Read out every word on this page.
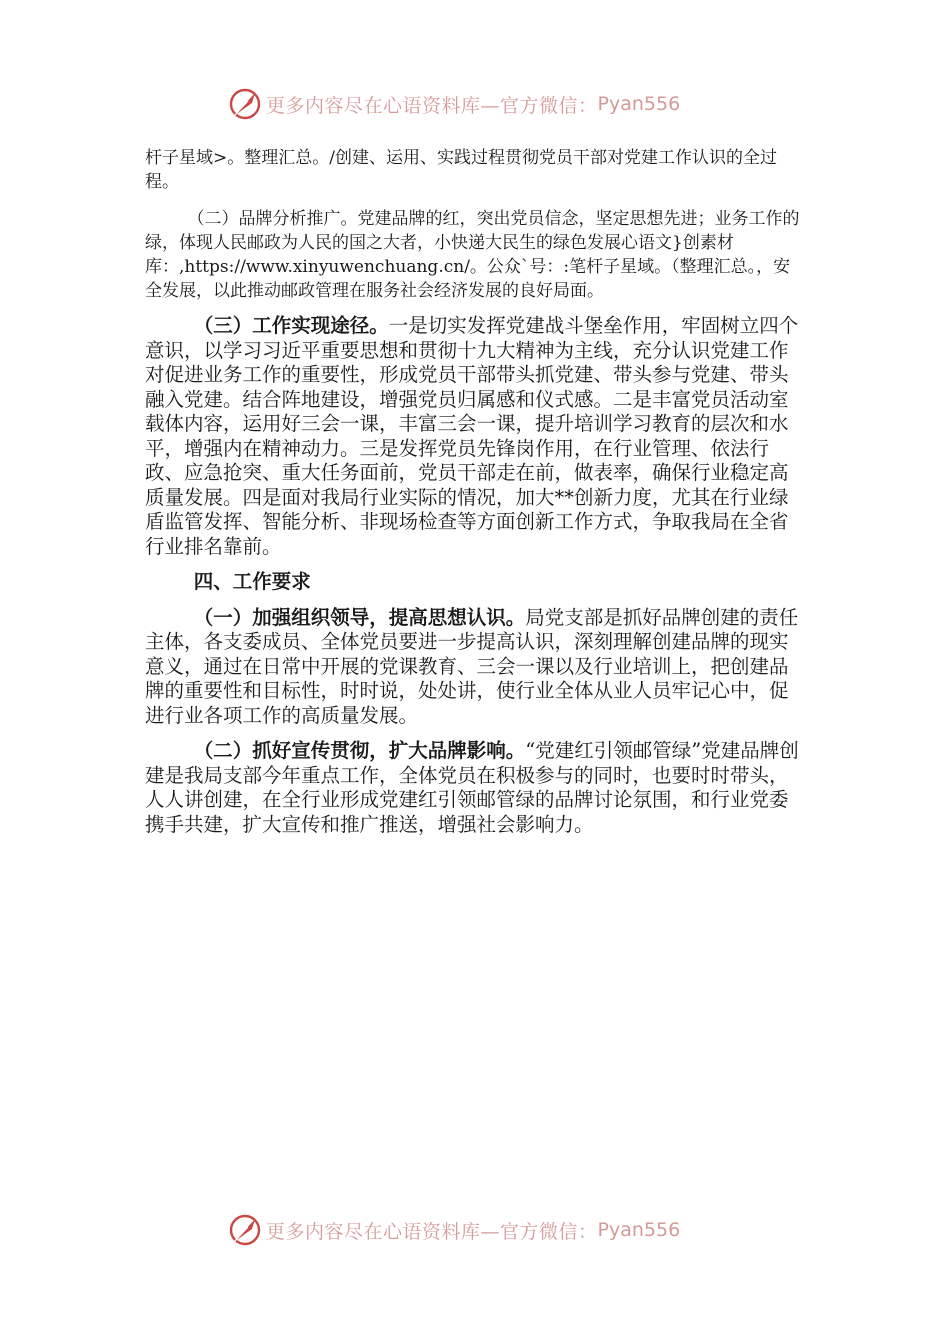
更多内容尽在心语资料库—官方微信： Pyan556

杆子星域>。整理汇总。/创建、运用、实践过程贯彻党员干部对党建工作认识的全过程。

（二）品牌分析推广。党建品牌的红，突出党员信念，坚定思想先进；业务工作的绿，体现人民邮政为人民的国之大者，小快递大民生的绿色发展心语文}创素材库：,https://www.xinyuwenchuang.cn/。公众`号：:笔杆子星域。（整理汇总。，安全发展，以此推动邮政管理在服务社会经济发展的良好局面。

（三）工作实现途径。一是切实发挥党建战斗堡垒作用，牢固树立四个意识，以学习习近平重要思想和贯彻十九大精神为主线，充分认识党建工作对促进业务工作的重要性，形成党员干部带头抓党建、带头参与党建、带头融入党建。结合阵地建设，增强党员归属感和仪式感。二是丰富党员活动室载体内容，运用好三会一课，丰富三会一课，提升培训学习教育的层次和水平，增强内在精神动力。三是发挥党员先锋岗作用，在行业管理、依法行政、应急抢突、重大任务面前，党员干部走在前，做表率，确保行业稳定高质量发展。四是面对我局行业实际的情况，加大**创新力度，尤其在行业绿盾监管发挥、智能分析、非现场检查等方面创新工作方式，争取我局在全省行业排名靠前。

四、工作要求

（一）加强组织领导，提高思想认识。局党支部是抓好品牌创建的责任主体，各支委成员、全体党员要进一步提高认识，深刻理解创建品牌的现实意义，通过在日常中开展的党课教育、三会一课以及行业培训上，把创建品牌的重要性和目标性，时时说，处处讲，使行业全体从业人员牢记心中，促进行业各项工作的高质量发展。

（二）抓好宣传贯彻，扩大品牌影响。“党建红引领邮管绿”党建品牌创建是我局支部今年重点工作，全体党员在积极参与的同时，也要时时带头，人人讲创建，在全行业形成党建红引领邮管绿的品牌讨论氛围，和行业党委携手共建，扩大宣传和推广推送，增强社会影响力。

更多内容尽在心语资料库—官方微信： Pyan556
